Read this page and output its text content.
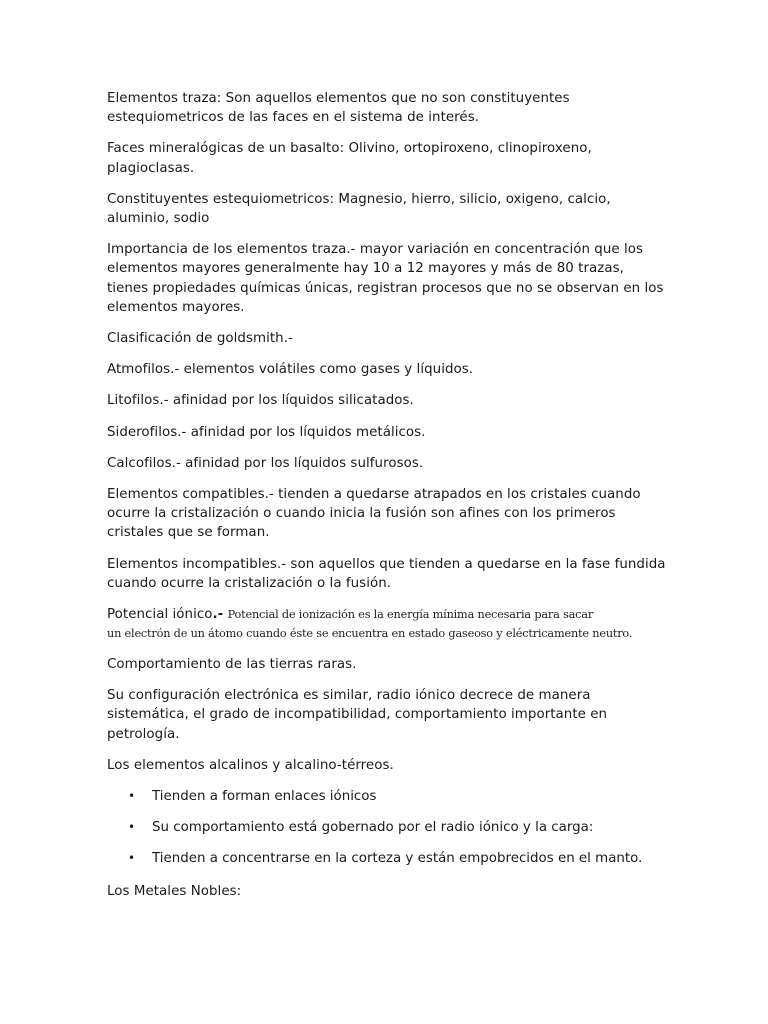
Elementos traza: Son aquellos elementos que no son constituyentes estequiometricos de las faces en el sistema de interés.

Faces mineralógicas de un basalto: Olivino, ortopiroxeno, clinopiroxeno, plagioclasas.

Constituyentes estequiometricos: Magnesio, hierro, silicio, oxigeno, calcio, aluminio, sodio

Importancia de los elementos traza.- mayor variación en concentración que los elementos mayores generalmente hay 10 a 12 mayores y más de 80 trazas, tienes propiedades químicas únicas, registran procesos que no se observan en los elementos mayores.

Clasificación de goldsmith.-

Atmofilos.- elementos volátiles como gases y líquidos.

Litofilos.- afinidad por los líquidos silicatados.

Siderofilos.- afinidad por los líquidos metálicos.

Calcofilos.- afinidad por los líquidos sulfurosos.

Elementos compatibles.- tienden a quedarse atrapados en los cristales cuando ocurre la cristalización o cuando inicia la fusión son afines con los primeros cristales que se forman.

Elementos incompatibles.- son aquellos que tienden a quedarse en la fase fundida cuando ocurre la cristalización o la fusión.

Potencial iónico.- Potencial de ionización es la energía mínima necesaria para sacar
un electrón de un átomo cuando éste se encuentra en estado gaseoso y eléctricamente neutro.

Comportamiento de las tierras raras.

Su configuración electrónica es similar, radio iónico decrece de manera sistemática, el grado de incompatibilidad, comportamiento importante en petrología.

Los elementos alcalinos y alcalino-térreos.

• Tienden a forman enlaces iónicos
• Su comportamiento está gobernado por el radio iónico y la carga:
• Tienden a concentrarse en la corteza y están empobrecidos en el manto.

Los Metales Nobles:
